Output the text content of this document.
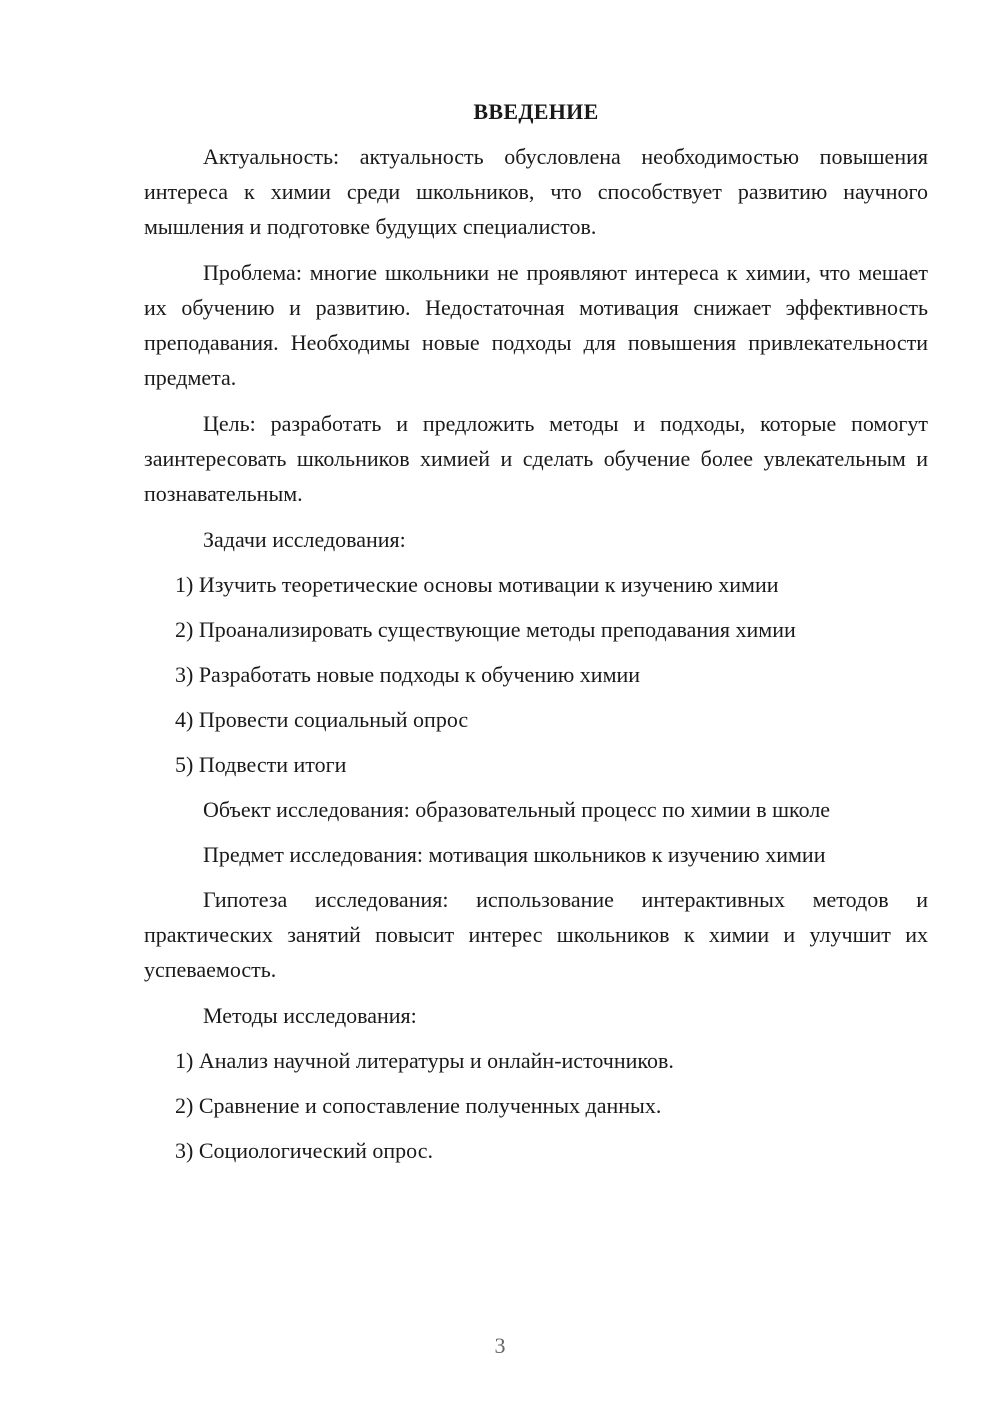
ВВЕДЕНИЕ
Актуальность: актуальность обусловлена необходимостью повышения интереса к химии среди школьников, что способствует развитию научного мышления и подготовке будущих специалистов.
Проблема: многие школьники не проявляют интереса к химии, что мешает их обучению и развитию. Недостаточная мотивация снижает эффективность преподавания. Необходимы новые подходы для повышения привлекательности предмета.
Цель: разработать и предложить методы и подходы, которые помогут заинтересовать школьников химией и сделать обучение более увлекательным и познавательным.
Задачи исследования:
1) Изучить теоретические основы мотивации к изучению химии
2) Проанализировать существующие методы преподавания химии
3) Разработать новые подходы к обучению химии
4) Провести социальный опрос
5) Подвести итоги
Объект исследования: образовательный процесс по химии в школе
Предмет исследования: мотивация школьников к изучению химии
Гипотеза исследования: использование интерактивных методов и практических занятий повысит интерес школьников к химии и улучшит их успеваемость.
Методы исследования:
1) Анализ научной литературы и онлайн-источников.
2) Сравнение и сопоставление полученных данных.
3) Социологический опрос.
3
